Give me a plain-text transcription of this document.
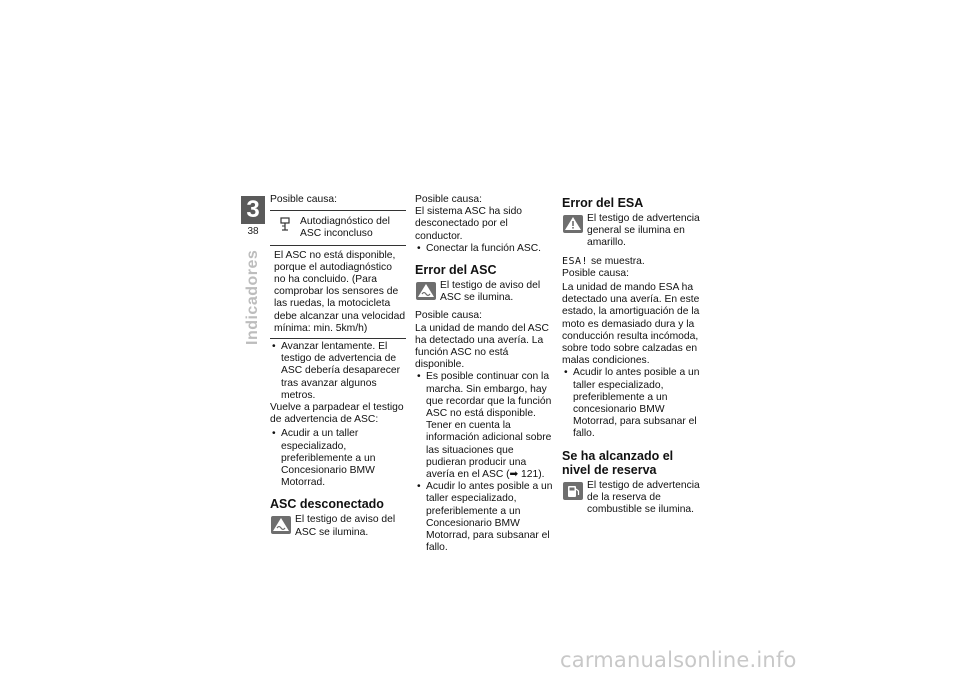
3
38
Indicadores

Posible causa:

Autodiagnóstico del ASC inconcluso

El ASC no está disponible, porque el autodiagnóstico no ha concluido. (Para comprobar los sensores de las ruedas, la motocicleta debe alcanzar una velocidad mínima: min. 5km/h)

• Avanzar lentamente. El testigo de advertencia de ASC debería desaparecer tras avanzar algunos metros.

Vuelve a parpadear el testigo de advertencia de ASC:

• Acudir a un taller especializado, preferiblemente a un Concesionario BMW Motorrad.
ASC desconectado
El testigo de aviso del ASC se ilumina.

Posible causa:

El sistema ASC ha sido desconectado por el conductor.

• Conectar la función ASC.
Error del ASC
El testigo de aviso del ASC se ilumina.

Posible causa:

La unidad de mando del ASC ha detectado una avería. La función ASC no está disponible.

• Es posible continuar con la marcha. Sin embargo, hay que recordar que la función ASC no está disponible. Tener en cuenta la información adicional sobre las situaciones que pudieran producir una avería en el ASC (➡ 121).
• Acudir lo antes posible a un taller especializado, preferiblemente a un Concesionario BMW Motorrad, para subsanar el fallo.
Error del ESA
El testigo de advertencia general se ilumina en amarillo.

ESA! se muestra.

Posible causa:

La unidad de mando ESA ha detectado una avería. En este estado, la amortiguación de la moto es demasiado dura y la conducción resulta incómoda, sobre todo sobre calzadas en malas condiciones.

• Acudir lo antes posible a un taller especializado, preferiblemente a un concesionario BMW Motorrad, para subsanar el fallo.
Se ha alcanzado el nivel de reserva
El testigo de advertencia de la reserva de combustible se ilumina.
carmanualsonline.info
